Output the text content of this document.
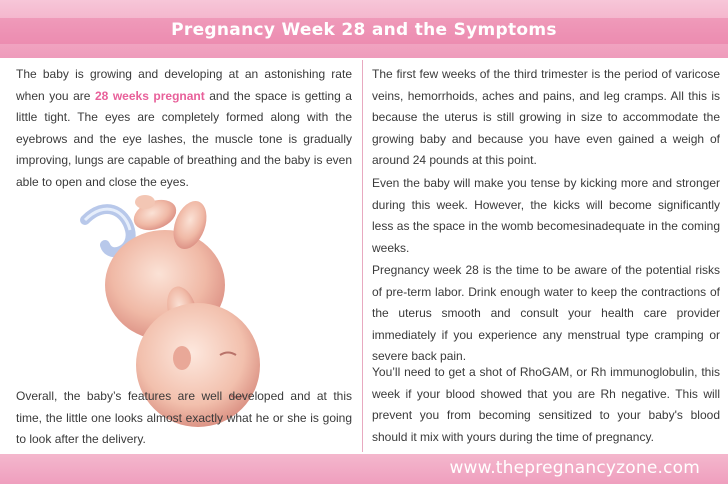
Pregnancy Week 28 and the Symptoms

The baby is growing and developing at an astonishing rate when you are 28 weeks pregnant and the space is getting a little tight. The eyes are completely formed along with the eyebrows and the eye lashes, the muscle tone is gradually improving, lungs are capable of breathing and the baby is even able to open and close the eyes.

Overall, the baby’s features are well developed and at this time, the little one looks almost exactly what he or she is going to look after the delivery.

The first few weeks of the third trimester is the period of varicose veins, hemorrhoids, aches and pains, and leg cramps. All this is because the uterus is still growing in size to accommodate the growing baby and because you have even gained a weigh of around 24 pounds at this point.

Even the baby will make you tense by kicking more and stronger during this week. However, the kicks will become significantly less as the space in the womb becomesinadequate in the coming weeks.

Pregnancy week 28 is the time to be aware of the potential risks of pre-term labor. Drink enough water to keep the contractions of the uterus smooth and consult your health care provider immediately if you experience any menstrual type cramping or severe back pain.

You’ll need to get a shot of RhoGAM, or Rh immunoglobulin, this week if your blood showed that you are Rh negative. This will prevent you from becoming sensitized to your baby's blood should it mix with yours during the time of pregnancy.

www.thepregnancyzone.com
